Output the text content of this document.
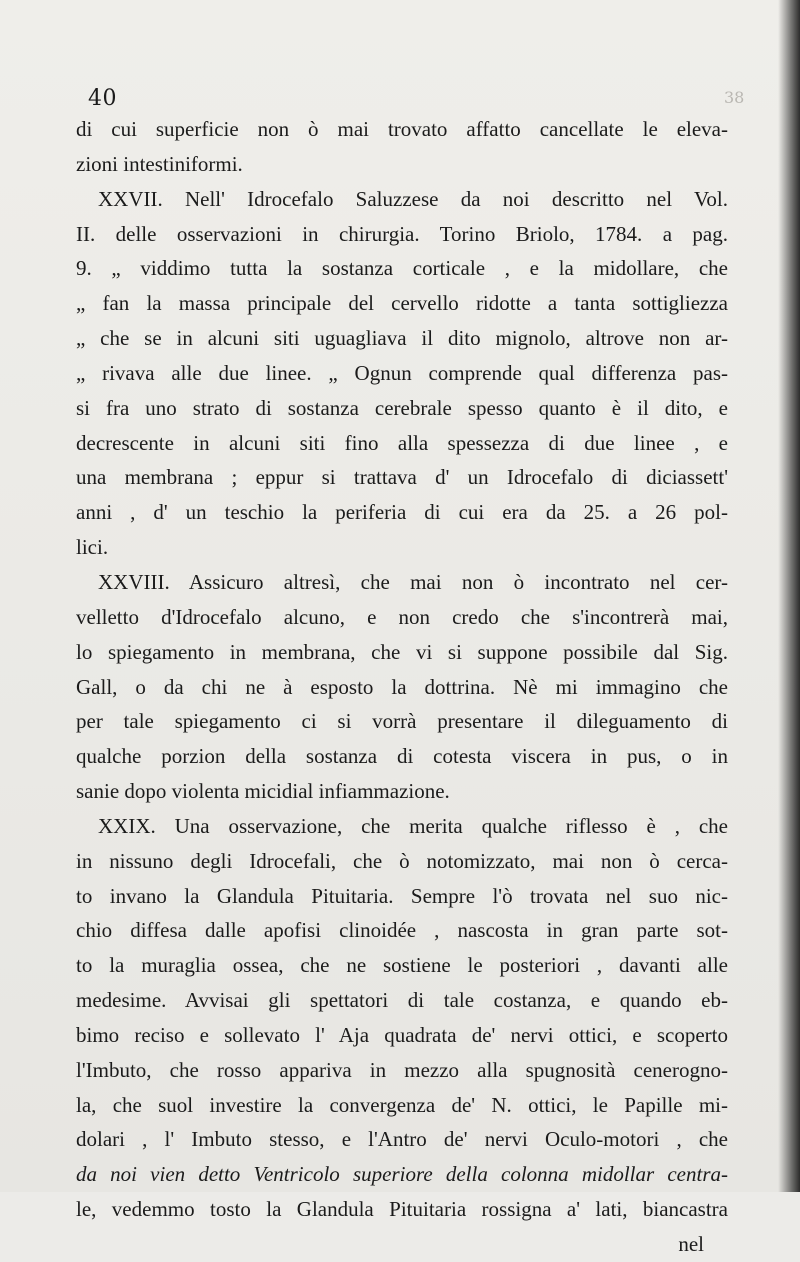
40	38
di cui superficie non ò mai trovato affatto cancellate le eleva-
zioni intestiniformi.
XXVII. Nell' Idrocefalo Saluzzese da noi descritto nel Vol.
II. delle osservazioni in chirurgia. Torino Briolo, 1784. a pag.
9. „ viddimo tutta la sostanza corticale , e la midollare, che
„ fan la massa principale del cervello ridotte a tanta sottigliezza
„ che se in alcuni siti uguagliava il dito mignolo, altrove non ar-
„ rivava alle due linee. „ Ognun comprende qual differenza pas-
si fra uno strato di sostanza cerebrale spesso quanto è il dito, e
decrescente in alcuni siti fino alla spessezza di due linee , e
una membrana ; eppur si trattava d' un Idrocefalo di diciassett'
anni , d' un teschio la periferia di cui era da 25. a 26 pol-
lici.
XXVIII. Assicuro altresì, che mai non ò incontrato nel cer-
velletto d'Idrocefalo alcuno, e non credo che s'incontrerà mai,
lo spiegamento in membrana, che vi si suppone possibile dal Sig.
Gall, o da chi ne à esposto la dottrina. Nè mi immagino che
per tale spiegamento ci si vorrà presentare il dileguamento di
qualche porzion della sostanza di cotesta viscera in pus, o in
sanie dopo violenta micidial infiammazione.
XXIX. Una osservazione, che merita qualche riflesso è , che
in nissuno degli Idrocefali, che ò notomizzato, mai non ò cerca-
to invano la Glandula Pituitaria. Sempre l'ò trovata nel suo nic-
chio diffesa dalle apofisi clinoidée , nascosta in gran parte sot-
to la muraglia ossea, che ne sostiene le posteriori , davanti alle
medesime. Avvisai gli spettatori di tale costanza, e quando eb-
bimo reciso e sollevato l' Aja quadrata de' nervi ottici, e scoperto
l'Imbuto, che rosso appariva in mezzo alla spugnosità cenerogno-
la, che suol investire la convergenza de' N. ottici, le Papille mi-
dolari , l' Imbuto stesso, e l'Antro de' nervi Oculo-motori , che
da noi vien detto Ventricolo superiore della colonna midollar centra-
le, vedemmo tosto la Glandula Pituitaria rossigna a' lati, biancastra
nel
